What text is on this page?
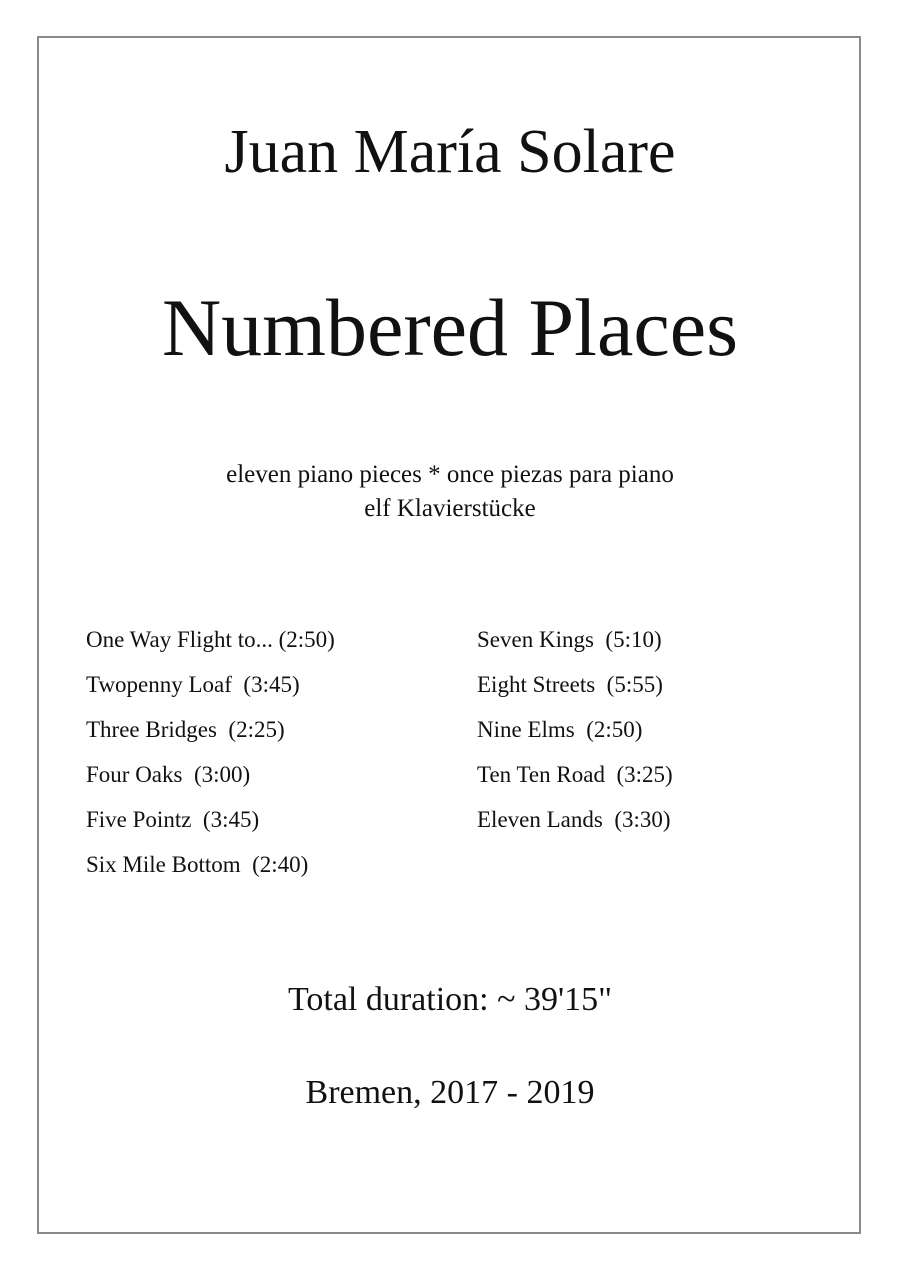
Juan María Solare
Numbered Places
eleven piano pieces * once piezas para piano
elf Klavierstücke
One Way Flight to... (2:50)
Twopenny Loaf  (3:45)
Three Bridges  (2:25)
Four Oaks  (3:00)
Five Pointz  (3:45)
Six Mile Bottom  (2:40)
Seven Kings  (5:10)
Eight Streets  (5:55)
Nine Elms  (2:50)
Ten Ten Road  (3:25)
Eleven Lands  (3:30)
Total duration: ~ 39'15"
Bremen, 2017 - 2019
